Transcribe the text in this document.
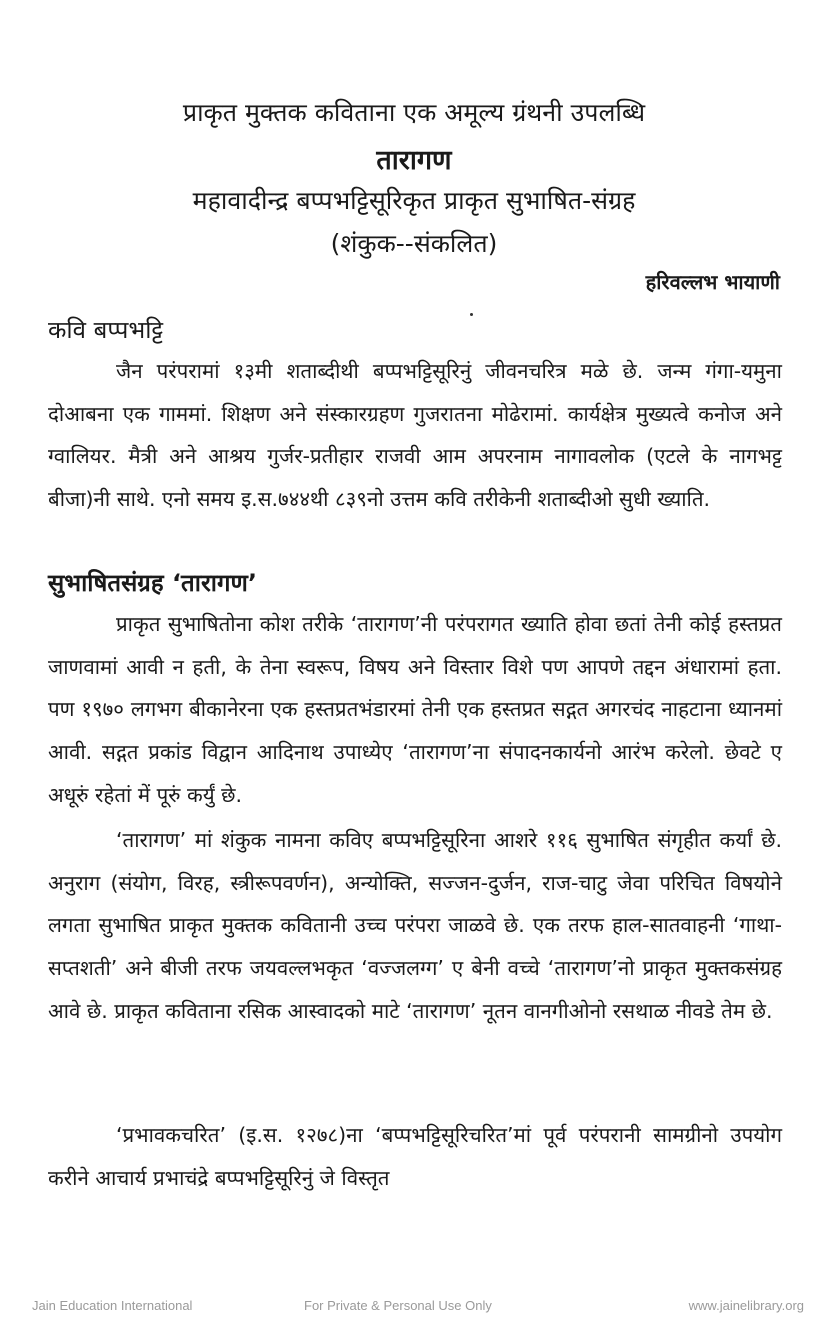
प्राकृत मुक्तक कविताना एक अमूल्य ग्रंथनी उपलब्धि
तारागण
महावादीन्द्र बप्पभट्टिसूरिकृत प्राकृत सुभाषित-संग्रह
(शंकुक--संकलित)
हरिवल्लभ भायाणी
कवि बप्पभट्टि

जैन परंपरामां १३मी शताब्दीथी बप्पभट्टिसूरिनुं जीवनचरित्र मळे छे. जन्म गंगा-यमुना दोआबना एक गाममां. शिक्षण अने संस्कारग्रहण गुजरातना मोढेरामां. कार्यक्षेत्र मुख्यत्वे कनोज अने ग्वालियर. मैत्री अने आश्रय गुर्जर-प्रतीहार राजवी आम अपरनाम नागावलोक (एटले के नागभट्ट बीजा)नी साथे. एनो समय इ.स.७४४थी ८३९नो उत्तम कवि तरीकेनी शताब्दीओ सुधी ख्याति.

सुभाषितसंग्रह ‘तारागण’

प्राकृत सुभाषितोना कोश तरीके ‘तारागण’नी परंपरागत ख्याति होवा छतां तेनी कोई हस्तप्रत जाणवामां आवी न हती, के तेना स्वरूप, विषय अने विस्तार विशे पण आपणे तद्दन अंधारामां हता. पण १९७० लगभग बीकानेरना एक हस्तप्रतभंडारमां तेनी एक हस्तप्रत सद्गत अगरचंद नाहटाना ध्यानमां आवी. सद्गत प्रकांड विद्वान आदिनाथ उपाध्येए ‘तारागण’ना संपादनकार्यनो आरंभ करेलो. छेवटे ए अधूरुं रहेतां में पूरुं कर्युं छे.

‘तारागण’ मां शंकुक नामना कविए बप्पभट्टिसूरिना आशरे ११६ सुभाषित संगृहीत कर्यां छे. अनुराग (संयोग, विरह, स्त्रीरूपवर्णन), अन्योक्ति, सज्जन-दुर्जन, राज-चाटु जेवा परिचित विषयोने लगता सुभाषित प्राकृत मुक्तक कवितानी उच्च परंपरा जाळवे छे. एक तरफ हाल-सातवाहनी ‘गाथा-सप्तशती’ अने बीजी तरफ जयवल्लभकृत ‘वज्जलग्ग’ ए बेनी वच्चे ‘तारागण’नो प्राकृत मुक्तकसंग्रह आवे छे. प्राकृत कविताना रसिक आस्वादको माटे ‘तारागण’ नूतन वानगीओनो रसथाळ नीवडे तेम छे.

‘प्रभावकचरित’ (इ.स. १२७८)ना ‘बप्पभट्टिसूरिचरित’मां पूर्व परंपरानी सामग्रीनो उपयोग करीने आचार्य प्रभाचंद्रे बप्पभट्टिसूरिनुं जे विस्तृत

Jain Education International	For Private & Personal Use Only	www.jainelibrary.org
